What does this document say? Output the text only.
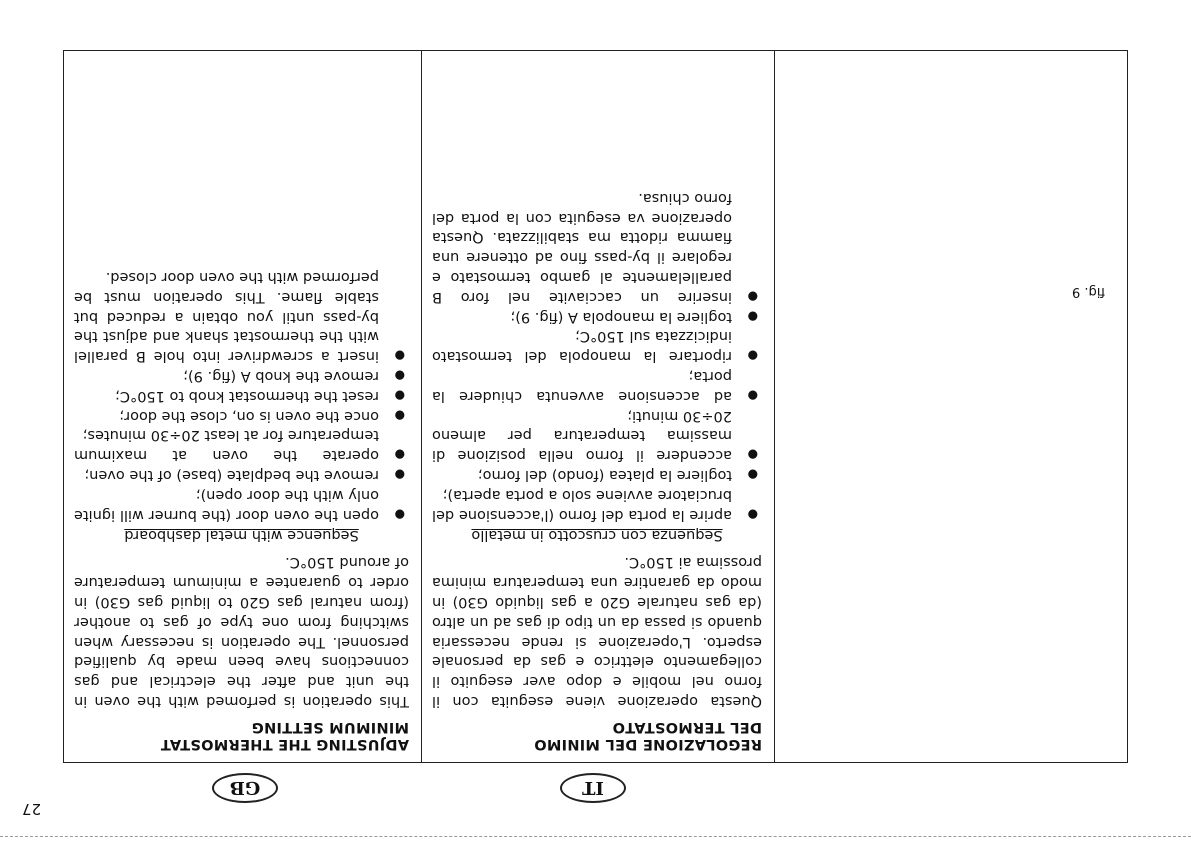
IT
GB
fig. 9
REGOLAZIONE DEL MINIMO
DEL TERMOSTATO

Questa operazione viene eseguita con il forno nel mobile e dopo aver eseguito il collegamento elettrico e gas da personale esperto. L'operazione si rende necessaria quando si passa da un tipo di gas ad un altro (da gas naturale G20 a gas liquido G30) in modo da garantire una temperatura minima prossima ai 150°C.

Sequenza con cruscotto in metallo
●
aprire la porta del forno (l'accensione del bruciatore avviene solo a porta aperta);
●
togliere la platea (fondo) del forno;
●
accendere il forno nella posizione di massima temperatura per almeno 20÷30 minuti;
●
ad accensione avvenuta chiudere la porta;
●
riportare la manopola del termostato indicizzata sul 150°C;
●
togliere la manopola A (fig. 9);
●
inserire un cacciavite nel foro B parallelamente al gambo termostato e regolare il by-pass fino ad ottenere una fiamma ridotta ma stabilizzata. Questa operazione va eseguita con la porta del forno chiusa.
ADJUSTING THE THERMOSTAT
MINIMUM SETTING

This operation is perfomed with the oven in the unit and after the electrical and gas connections have been made by qualified personnel. The operation is necessary when switching from one type of gas to another (from natural gas G20 to liquid gas G30) in order to guarantee a minimum temperature of around 150°C.

Sequence with metal dashboard
●
open the oven door (the burner will ignite only with the door open);
●
remove the bedplate (base) of the oven;
●
operate the oven at maximum temperature for at least 20÷30 minutes;
●
once the oven is on, close the door;
●
reset the thermostat knob to 150°C;
●
remove the knob A (fig. 9);
●
insert a screwdriver into hole B parallel with the thermostat shank and adjust the by-pass until you obtain a reduced but stable flame. This operation must be performed with the oven door closed.
27
